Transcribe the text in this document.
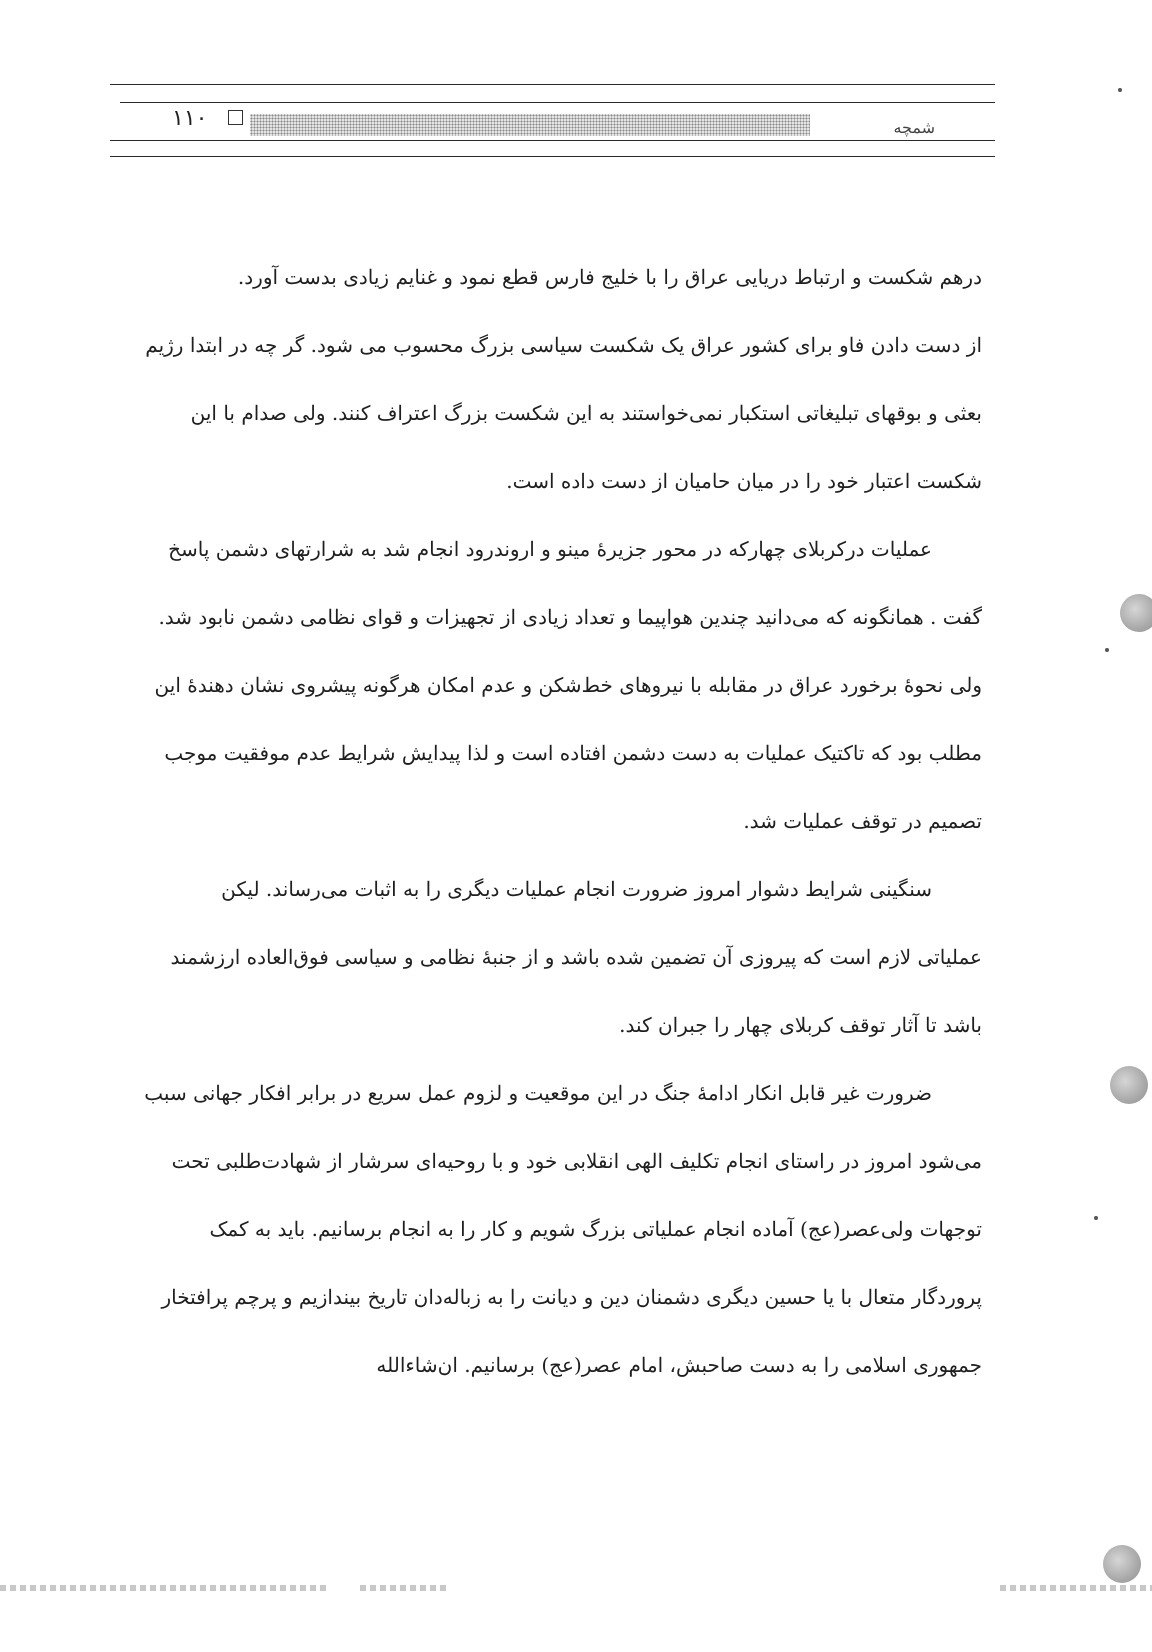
۱۱۰	شمچه
درهم شکست و ارتباط دریایی عراق را با خلیج فارس قطع نمود و غنایم زیادی بدست آورد.
از دست دادن فاو برای کشور عراق یک شکست سیاسی بزرگ محسوب می شود. گر چه در ابتدا رژیم
بعثی و بوقهای تبلیغاتی استکبار نمی‌خواستند به این شکست بزرگ اعتراف کنند. ولی صدام با این
شکست اعتبار خود را در میان حامیان از دست داده است.
عملیات درکربلای چهارکه در محور جزیرهٔ مینو و اروندرود انجام شد به شرارتهای دشمن پاسخ
گفت . همانگونه که می‌دانید چندین هواپیما و تعداد زیادی از تجهیزات و قوای نظامی دشمن نابود شد.
ولی نحوهٔ برخورد عراق در مقابله با نیروهای خط‌شکن و عدم امکان هرگونه پیشروی نشان دهندهٔ این
مطلب بود که تاکتیک عملیات به دست دشمن افتاده است و لذا پیدایش شرایط عدم موفقیت موجب
تصمیم در توقف عملیات شد.
سنگینی شرایط دشوار امروز ضرورت انجام عملیات دیگری را به اثبات می‌رساند. لیکن
عملیاتی لازم است که پیروزی آن تضمین شده باشد و از جنبهٔ نظامی و سیاسی فوق‌العاده ارزشمند
باشد تا آثار توقف کربلای چهار را جبران کند.
ضرورت غیر قابل انکار ادامهٔ جنگ در این موقعیت و لزوم عمل سریع در برابر افکار جهانی سبب
می‌شود امروز در راستای انجام تکلیف الهی انقلابی خود و با روحیه‌ای سرشار از شهادت‌طلبی تحت
توجهات ولی‌عصر(عج) آماده انجام عملیاتی بزرگ شویم و کار را به انجام برسانیم. باید به کمک
پروردگار متعال با یا حسین دیگری دشمنان دین و دیانت را به زباله‌دان تاریخ بیندازیم و پرچم پرافتخار
جمهوری اسلامی را به دست صاحبش، امام عصر(عج) برسانیم. ان‌شاءالله
